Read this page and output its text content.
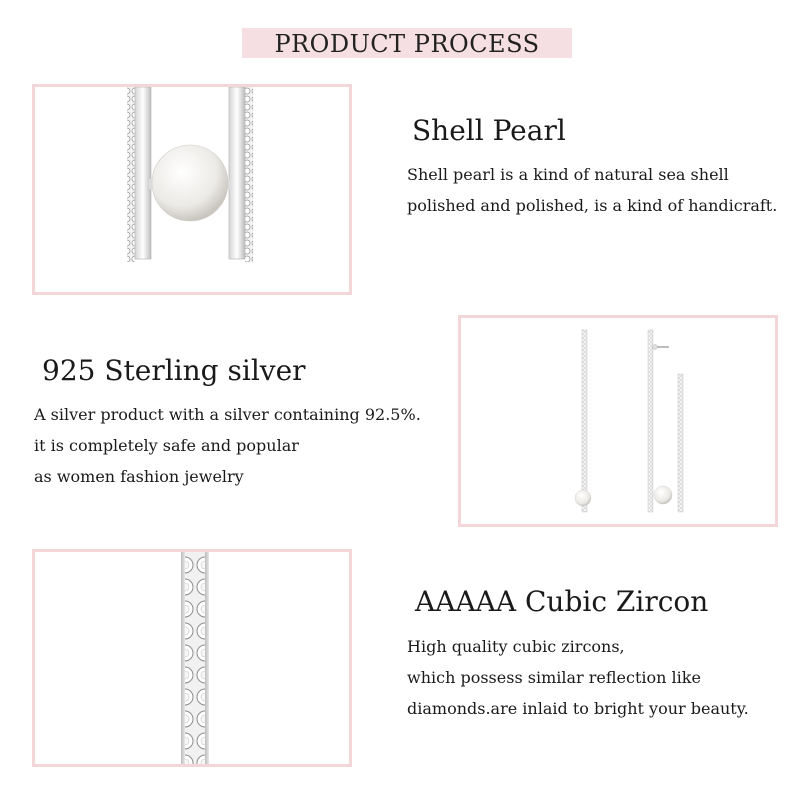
PRODUCT PROCESS
Shell Pearl
Shell pearl is a kind of natural sea shell
polished and polished, is a kind of handicraft.
925 Sterling silver
A silver product with a silver containing 92.5%.
it is completely safe and popular
as women fashion jewelry
AAAAA Cubic Zircon
High quality cubic zircons,
which possess similar reflection like
diamonds.are inlaid to bright your beauty.
